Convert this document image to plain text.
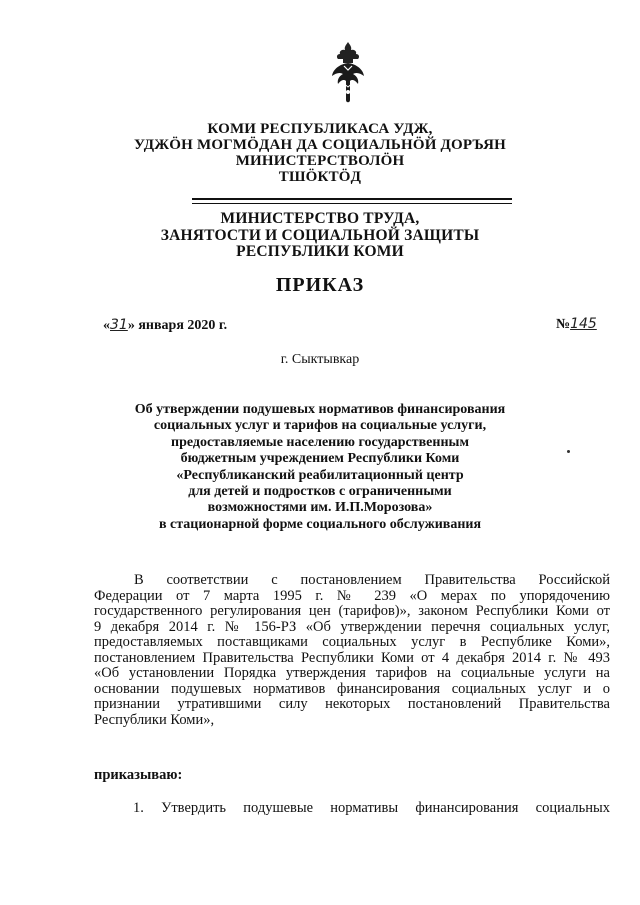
КОМИ РЕСПУБЛИКАСА УДЖ,
УДЖӦН МОГМӦДАН ДА СОЦИАЛЬНӦЙ ДОРЪЯН
МИНИСТЕРСТВОЛӦН
ТШӦКТӦД
МИНИСТЕРСТВО ТРУДА,
ЗАНЯТОСТИ И СОЦИАЛЬНОЙ ЗАЩИТЫ
РЕСПУБЛИКИ КОМИ
ПРИКАЗ
«31» января 2020 г.	№145
г. Сыктывкар
Об утверждении подушевых нормативов финансирования
социальных услуг и тарифов на социальные услуги,
предоставляемые населению государственным
бюджетным учреждением Республики Коми
«Республиканский реабилитационный центр
для детей и подростков с ограниченными
возможностями им. И.П.Морозова»
в стационарной форме социального обслуживания
В соответствии с постановлением Правительства Российской
Федерации от 7 марта 1995 г. № 239 «О мерах по упорядочению
государственного регулирования цен (тарифов)», законом Республики Коми от
9 декабря 2014 г. № 156-РЗ «Об утверждении перечня социальных услуг,
предоставляемых поставщиками социальных услуг в Республике Коми»,
постановлением Правительства Республики Коми от 4 декабря 2014 г. № 493
«Об установлении Порядка утверждения тарифов на социальные услуги на
основании подушевых нормативов финансирования социальных услуг и о
признании утратившими силу некоторых постановлений Правительства
Республики Коми»,
приказываю:
1. Утвердить подушевые нормативы финансирования социальных
